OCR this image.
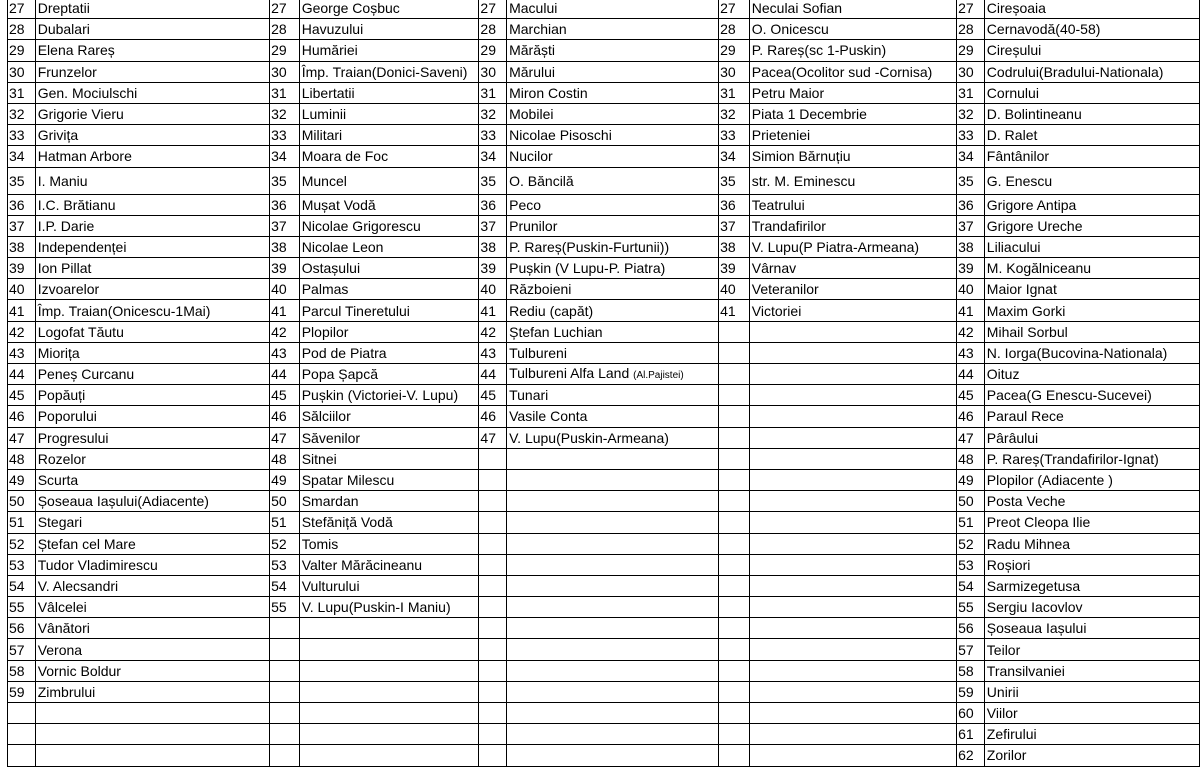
27	Dreptatii	27	George Coșbuc	27	Macului	27	Neculai Sofian	27	Cireșoaia
28	Dubalari	28	Havuzului	28	Marchian	28	O. Onicescu	28	Cernavodă(40-58)
29	Elena Rareș	29	Humăriei	29	Mărăști	29	P. Rareș(sc 1-Puskin)	29	Cireșului
30	Frunzelor	30	Împ. Traian(Donici-Saveni)	30	Mărului	30	Pacea(Ocolitor sud -Cornisa)	30	Codrului(Bradului-Nationala)
31	Gen. Mociulschi	31	Libertatii	31	Miron Costin	31	Petru Maior	31	Cornului
32	Grigorie Vieru	32	Luminii	32	Mobilei	32	Piata 1 Decembrie	32	D. Bolintineanu
33	Grivița	33	Militari	33	Nicolae Pisoschi	33	Prieteniei	33	D. Ralet
34	Hatman Arbore	34	Moara de Foc	34	Nucilor	34	Simion Bărnuțiu	34	Fântânilor
35	I. Maniu	35	Muncel	35	O. Băncilă	35	str. M. Eminescu	35	G. Enescu
36	I.C. Brătianu	36	Mușat Vodă	36	Peco	36	Teatrului	36	Grigore Antipa
37	I.P. Darie	37	Nicolae Grigorescu	37	Prunilor	37	Trandafirilor	37	Grigore Ureche
38	Independenței	38	Nicolae Leon	38	P. Rareș(Puskin-Furtunii))	38	V. Lupu(P Piatra-Armeana)	38	Liliacului
39	Ion Pillat	39	Ostașului	39	Pușkin (V Lupu-P. Piatra)	39	Vârnav	39	M. Kogălniceanu
40	Izvoarelor	40	Palmas	40	Războieni	40	Veteranilor	40	Maior Ignat
41	Împ. Traian(Onicescu-1Mai)	41	Parcul Tineretului	41	Rediu (capăt)	41	Victoriei	41	Maxim Gorki
42	Logofat Tăutu	42	Plopilor	42	Ștefan Luchian			42	Mihail Sorbul
43	Miorița	43	Pod de Piatra	43	Tulbureni			43	N. Iorga(Bucovina-Nationala)
44	Peneș Curcanu	44	Popa Șapcă	44	Tulbureni Alfa Land (Al.Pajistei)			44	Oituz
45	Popăuți	45	Pușkin (Victoriei-V. Lupu)	45	Tunari			45	Pacea(G Enescu-Sucevei)
46	Poporului	46	Sălciilor	46	Vasile Conta			46	Paraul Rece
47	Progresului	47	Săvenilor	47	V. Lupu(Puskin-Armeana)			47	Pârâului
48	Rozelor	48	Sitnei					48	P. Rareș(Trandafirilor-Ignat)
49	Scurta	49	Spatar Milescu					49	Plopilor (Adiacente )
50	Șoseaua Iașului(Adiacente)	50	Smardan					50	Posta Veche
51	Stegari	51	Stefăniță Vodă					51	Preot Cleopa Ilie
52	Ștefan cel Mare	52	Tomis					52	Radu Mihnea
53	Tudor Vladimirescu	53	Valter Mărăcineanu					53	Roșiori
54	V. Alecsandri	54	Vulturului					54	Sarmizegetusa
55	Vâlcelei	55	V. Lupu(Puskin-I Maniu)					55	Sergiu Iacovlov
56	Vânători							56	Șoseaua Iașului
57	Verona							57	Teilor
58	Vornic Boldur							58	Transilvaniei
59	Zimbrului							59	Unirii
								60	Viilor
								61	Zefirului
								62	Zorilor
